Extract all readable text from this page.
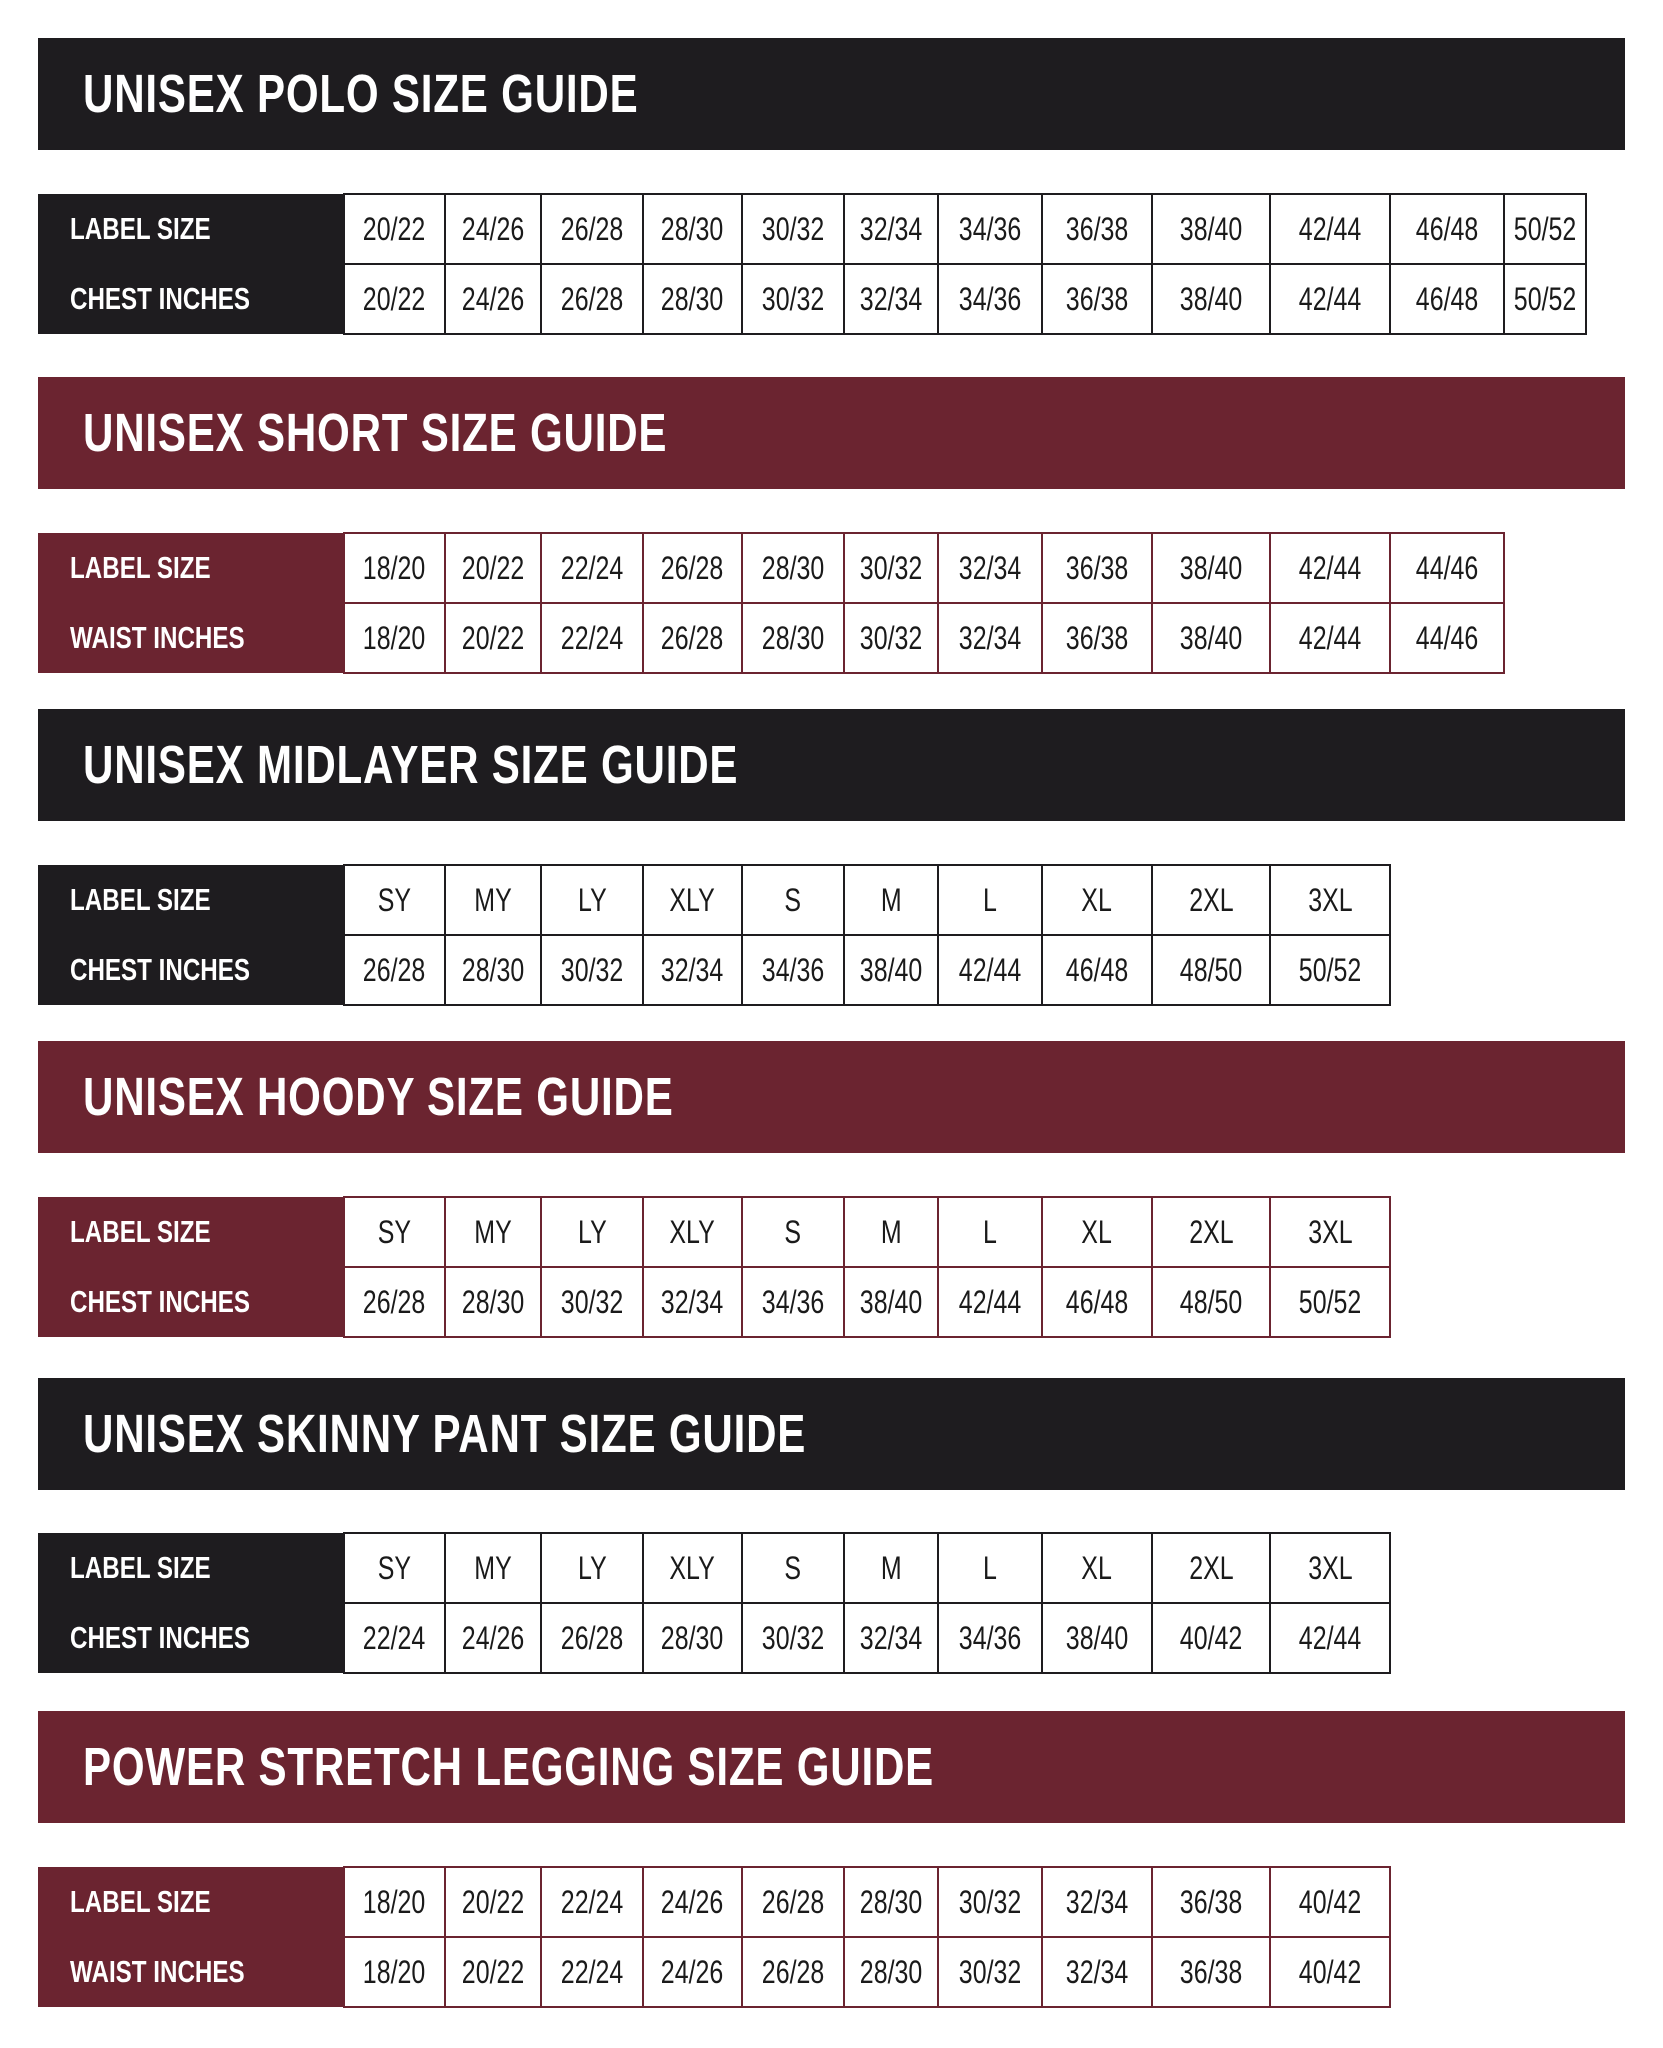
UNISEX POLO SIZE GUIDE
LABEL SIZE	20/22	24/26	26/28	28/30	30/32	32/34	34/36	36/38	38/40	42/44	46/48	50/52
CHEST INCHES	20/22	24/26	26/28	28/30	30/32	32/34	34/36	36/38	38/40	42/44	46/48	50/52
UNISEX SHORT SIZE GUIDE
LABEL SIZE	18/20	20/22	22/24	26/28	28/30	30/32	32/34	36/38	38/40	42/44	44/46
WAIST INCHES	18/20	20/22	22/24	26/28	28/30	30/32	32/34	36/38	38/40	42/44	44/46
UNISEX MIDLAYER SIZE GUIDE
LABEL SIZE	SY	MY	LY	XLY	S	M	L	XL	2XL	3XL
CHEST INCHES	26/28	28/30	30/32	32/34	34/36	38/40	42/44	46/48	48/50	50/52
UNISEX HOODY SIZE GUIDE
LABEL SIZE	SY	MY	LY	XLY	S	M	L	XL	2XL	3XL
CHEST INCHES	26/28	28/30	30/32	32/34	34/36	38/40	42/44	46/48	48/50	50/52
UNISEX SKINNY PANT SIZE GUIDE
LABEL SIZE	SY	MY	LY	XLY	S	M	L	XL	2XL	3XL
CHEST INCHES	22/24	24/26	26/28	28/30	30/32	32/34	34/36	38/40	40/42	42/44
POWER STRETCH LEGGING SIZE GUIDE
LABEL SIZE	18/20	20/22	22/24	24/26	26/28	28/30	30/32	32/34	36/38	40/42
WAIST INCHES	18/20	20/22	22/24	24/26	26/28	28/30	30/32	32/34	36/38	40/42
